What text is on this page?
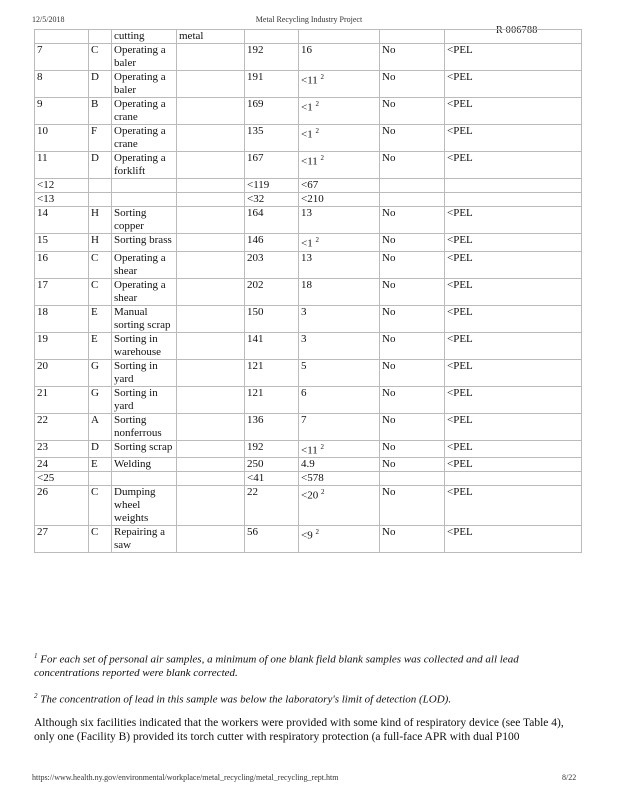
12/5/2018	Metal Recycling Industry Project
R 006788
		cutting	metal				
7	C	Operating a baler		192	16	No	<PEL
8	D	Operating a baler		191	<11 $^2$	No	<PEL
9	B	Operating a crane		169	<1 $^2$	No	<PEL
10	F	Operating a crane		135	<1 $^2$	No	<PEL
11	D	Operating a forklift		167	<11 $^2$	No	<PEL
<12				<119	<67		
<13				<32	<210		
14	H	Sorting copper		164	13	No	<PEL
15	H	Sorting brass		146	<1 $^2$	No	<PEL
16	C	Operating a shear		203	13	No	<PEL
17	C	Operating a shear		202	18	No	<PEL
18	E	Manual sorting scrap		150	3	No	<PEL
19	E	Sorting in warehouse		141	3	No	<PEL
20	G	Sorting in yard		121	5	No	<PEL
21	G	Sorting in yard		121	6	No	<PEL
22	A	Sorting nonferrous		136	7	No	<PEL
23	D	Sorting scrap		192	<11 $^2$	No	<PEL
24	E	Welding		250	4.9	No	<PEL
<25				<41	<578		
26	C	Dumping wheel weights		22	<20 $^2$	No	<PEL
27	C	Repairing a saw		56	<9 $^2$	No	<PEL
$^1$ For each set of personal air samples, a minimum of one blank field blank samples was collected and all lead concentrations reported were blank corrected.
$^2$ The concentration of lead in this sample was below the laboratory's limit of detection (LOD).
Although six facilities indicated that the workers were provided with some kind of respiratory device (see Table 4), only one (Facility B) provided its torch cutter with respiratory protection (a full-face APR with dual P100
https://www.health.ny.gov/environmental/workplace/metal_recycling/metal_recycling_rept.htm	8/22
